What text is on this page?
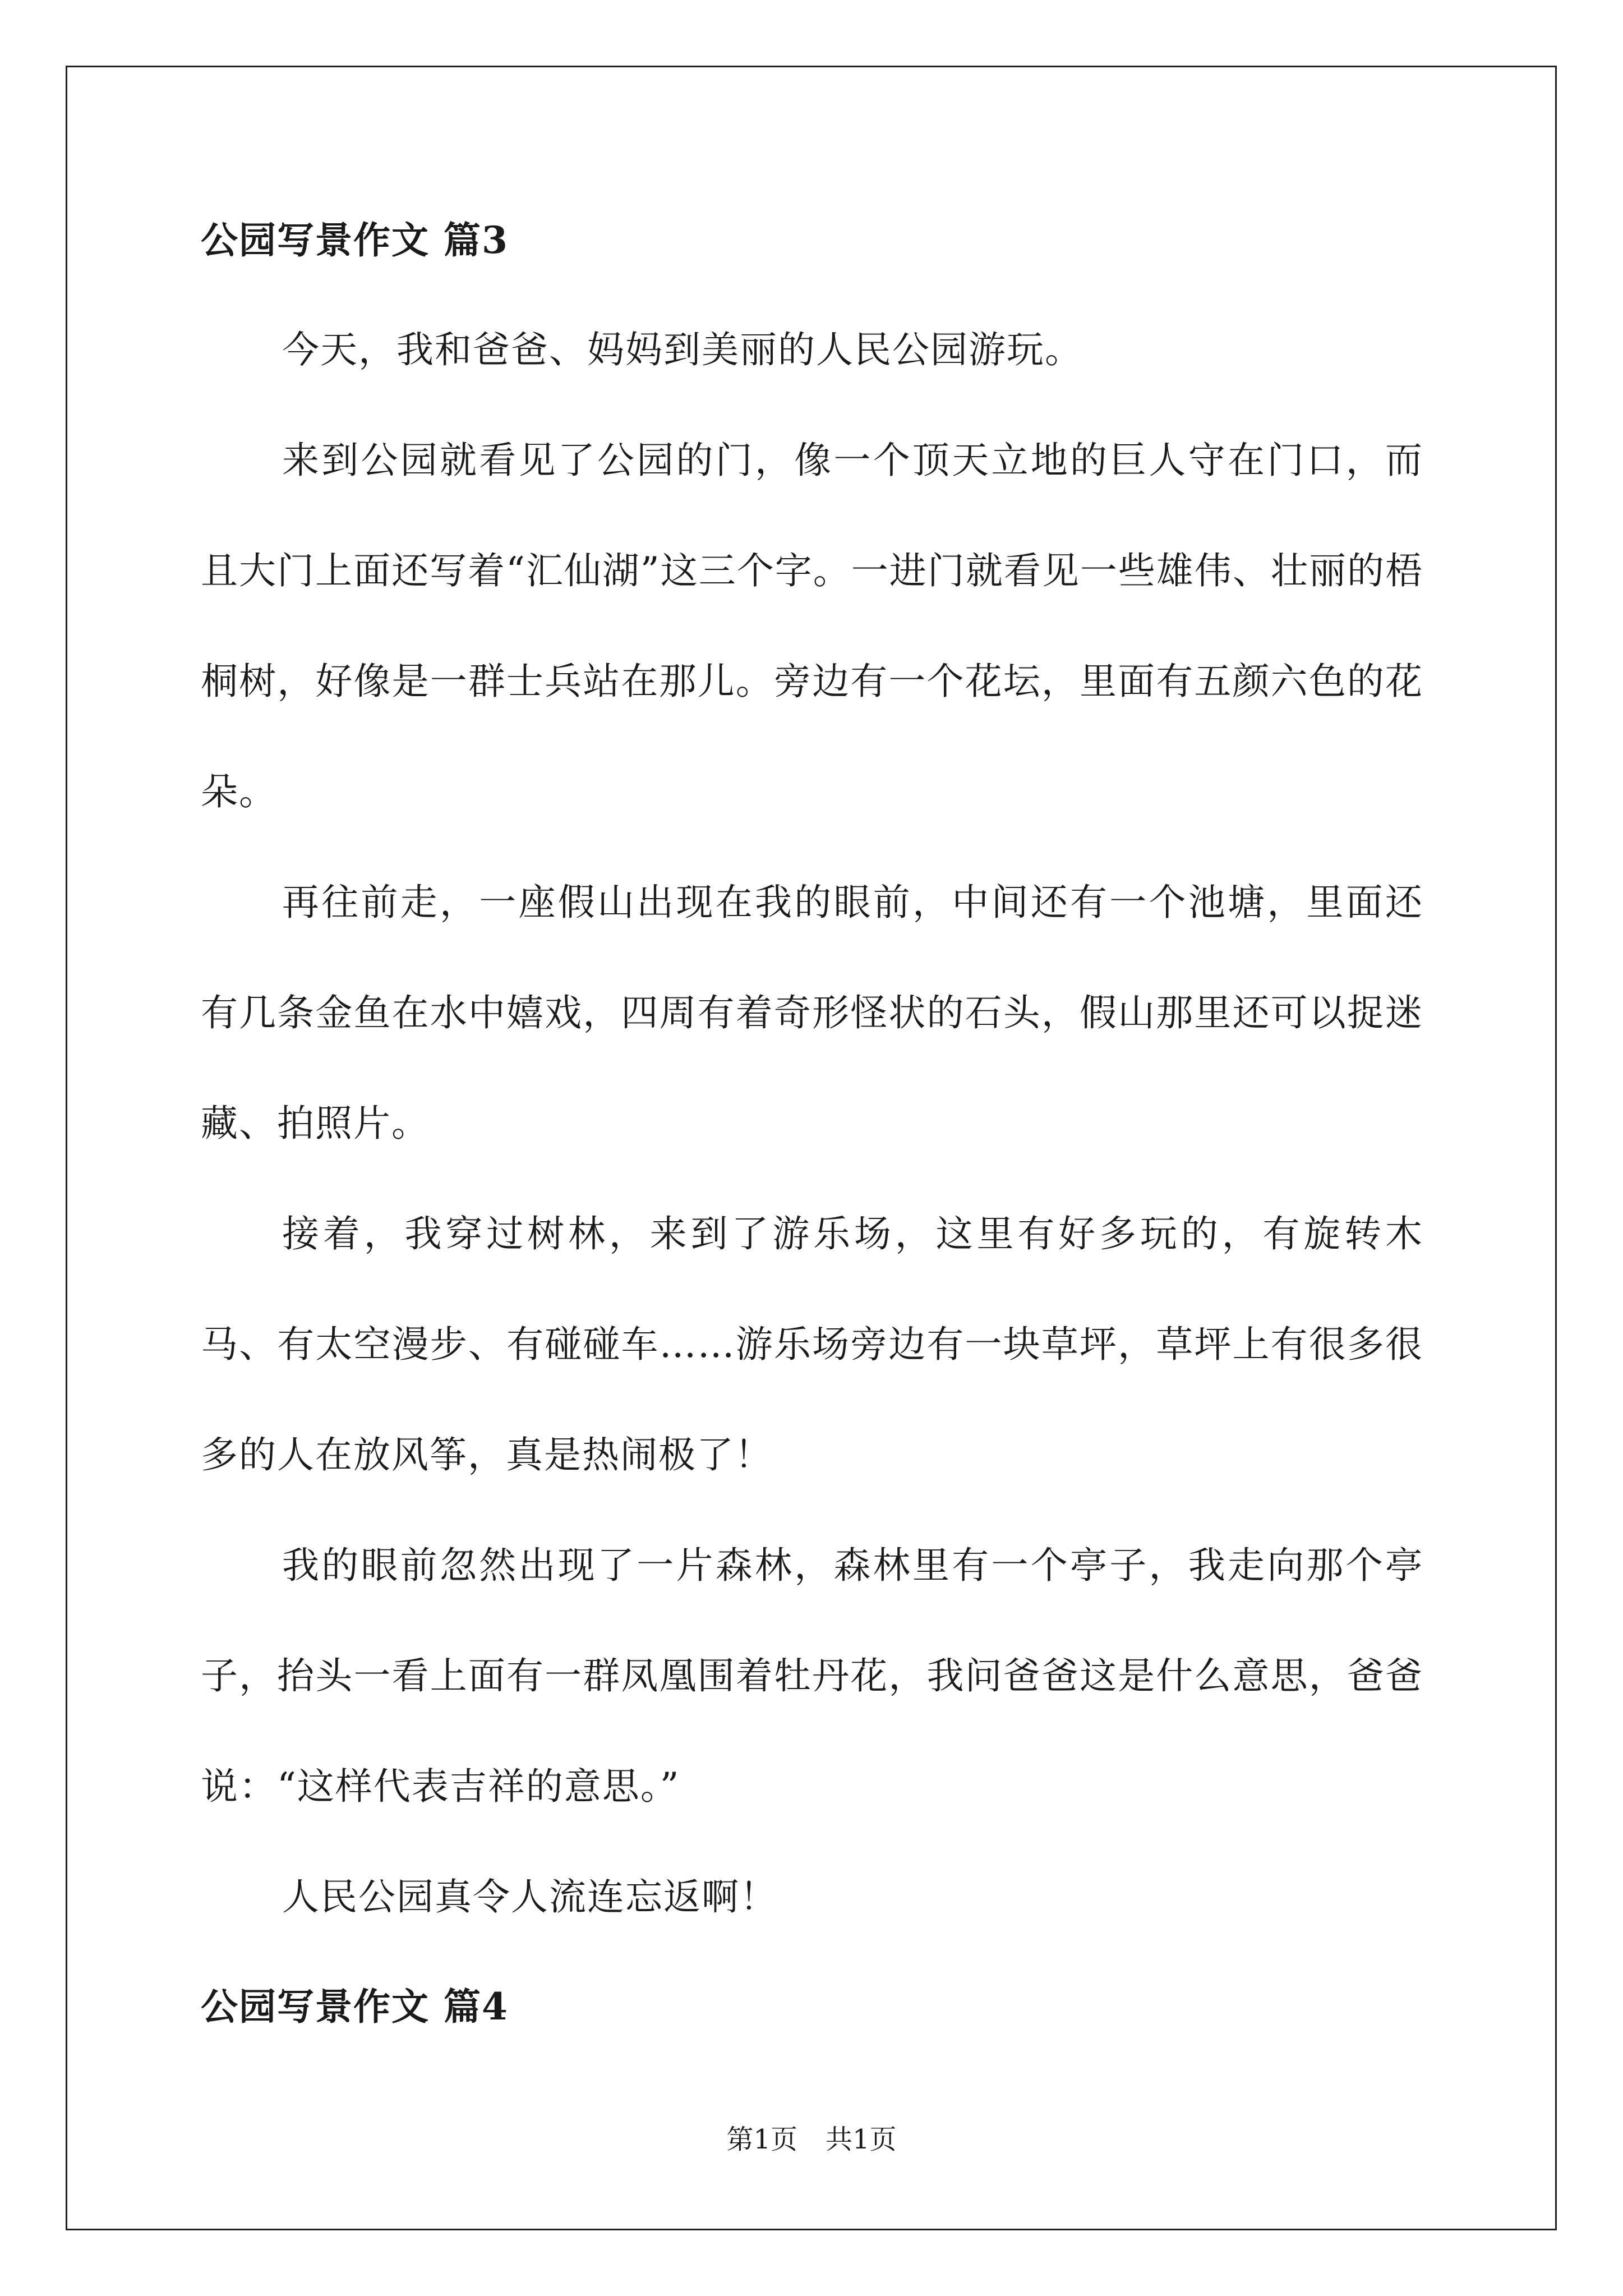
公园写景作文 篇3

今天，我和爸爸、妈妈到美丽的人民公园游玩。

来到公园就看见了公园的门，像一个顶天立地的巨人守在门口，而且大门上面还写着“汇仙湖”这三个字。一进门就看见一些雄伟、壮丽的梧桐树，好像是一群士兵站在那儿。旁边有一个花坛，里面有五颜六色的花朵。

再往前走，一座假山出现在我的眼前，中间还有一个池塘，里面还有几条金鱼在水中嬉戏，四周有着奇形怪状的石头，假山那里还可以捉迷藏、拍照片。

接着，我穿过树林，来到了游乐场，这里有好多玩的，有旋转木马、有太空漫步、有碰碰车……游乐场旁边有一块草坪，草坪上有很多很多的人在放风筝，真是热闹极了！

我的眼前忽然出现了一片森林，森林里有一个亭子，我走向那个亭子，抬头一看上面有一群凤凰围着牡丹花，我问爸爸这是什么意思，爸爸说：“这样代表吉祥的意思。”

人民公园真令人流连忘返啊！

公园写景作文 篇4
第1页 共1页
